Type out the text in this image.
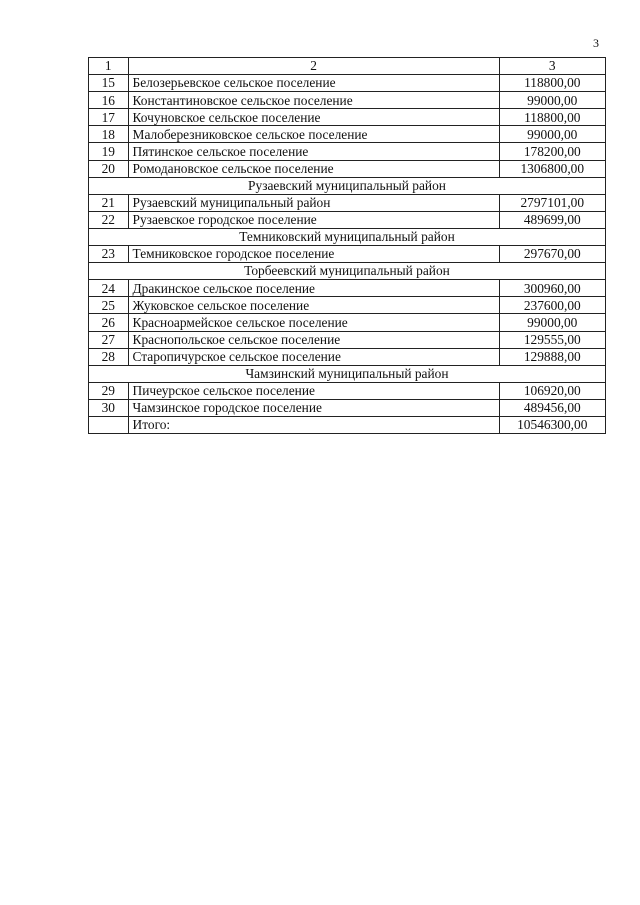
3
1	2	3
15	Белозерьевское сельское поселение	118800,00
16	Константиновское сельское поселение	99000,00
17	Кочуновское сельское поселение	118800,00
18	Малоберезниковское сельское поселение	99000,00
19	Пятинское сельское поселение	178200,00
20	Ромодановское сельское поселение	1306800,00
Рузаевский муниципальный район		
21	Рузаевский муниципальный район	2797101,00
22	Рузаевское городское поселение	489699,00
Темниковский муниципальный район		
23	Темниковское городское поселение	297670,00
Торбеевский муниципальный район		
24	Дракинское сельское поселение	300960,00
25	Жуковское сельское поселение	237600,00
26	Красноармейское сельское поселение	99000,00
27	Краснопольское сельское поселение	129555,00
28	Старопичурское сельское поселение	129888,00
Чамзинский муниципальный район		
29	Пичеурское сельское поселение	106920,00
30	Чамзинское городское поселение	489456,00
	Итого:	10546300,00
